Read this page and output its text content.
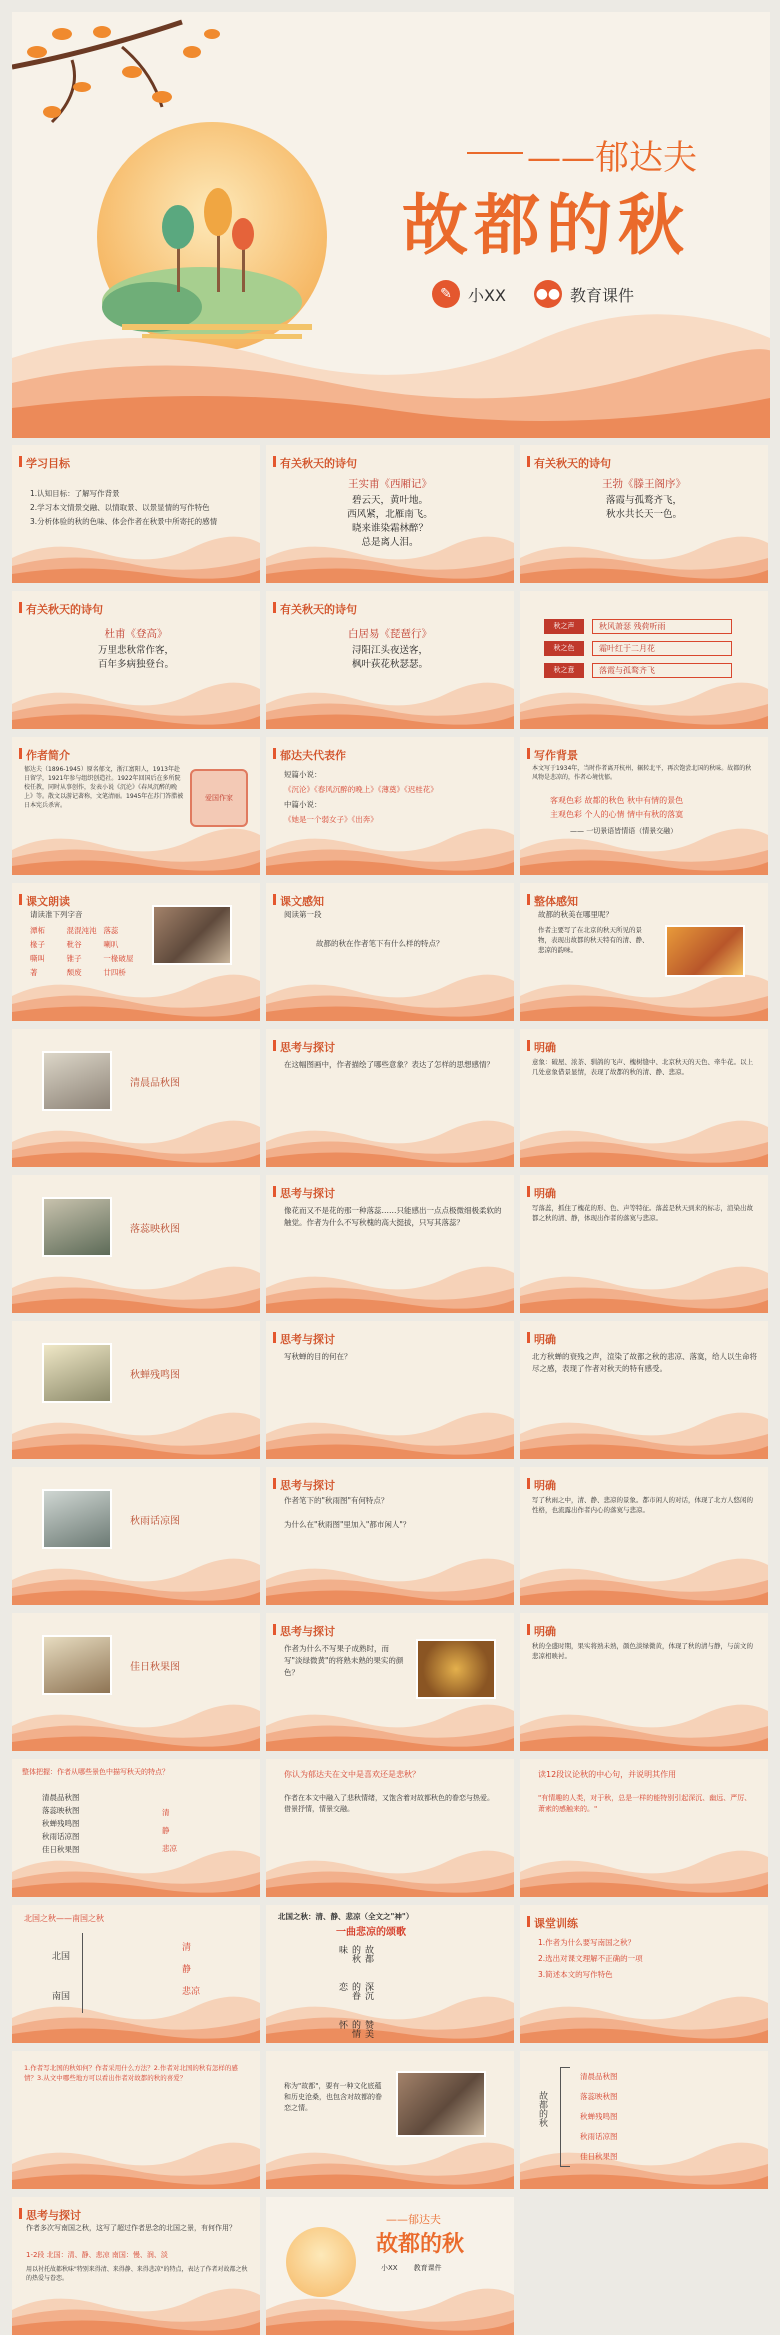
——郁达夫
故都的秋
✎	小XX ●● 教育课件
学习目标
1.认知目标：了解写作背景
2.学习本文情景交融、以情取景、以景显情的写作特色
3.分析体验的秋的色味、体会作者在秋景中所寄托的感情
有关秋天的诗句
王实甫《西厢记》
碧云天，黄叶地。
西风紧，北雁南飞。
晓来谁染霜林醉？
总是离人泪。
有关秋天的诗句
王勃《滕王阁序》
落霞与孤鹜齐飞，
秋水共长天一色。
有关秋天的诗句
杜甫《登高》
万里悲秋常作客，
百年多病独登台。
有关秋天的诗句
白居易《琵琶行》
浔阳江头夜送客，
枫叶荻花秋瑟瑟。
秋之声	秋风萧瑟 残荷听雨
秋之色	霜叶红于二月花
秋之意	落霞与孤鹜齐飞
作者简介
郁达夫（1896-1945）原名郁文，浙江富阳人，1913年赴日留学，1921年参与组织创造社。1922年回国后在多所院校任教，同时从事创作，发表小说《沉沦》《春风沉醉的晚上》等。散文以游记著称，文笔清丽。1945年在苏门答腊被日本宪兵杀害。
爱国作家
郁达夫代表作
短篇小说：
《沉沦》《春风沉醉的晚上》《薄奠》《迟桂花》
中篇小说：
《她是一个弱女子》《出奔》
写作背景
本文写于1934年，当时作者离开杭州，辗转北平，再次饱尝北国的秋味。故都的秋风物是悲凉的，作者心境忧郁。
客观色彩 故都的秋色 秋中有情的景色
主观色彩 个人的心情 情中有秋的落寞
—— 一切景语皆情语（情景交融）
课文朗读
请读准下列字音
潭柘	混混沌沌 落蕊
椽子	秕谷	喇叭
嘶叫	锥子	一椽破屋
著	颓废	廿四桥
课文感知
阅读第一段
故都的秋在作者笔下有什么样的特点？
整体感知
故都的秋美在哪里呢？
作者主要写了在北京的秋天所见的景物，表现出故都的秋天特有的清、静、悲凉的韵味。
清晨品秋图
思考与探讨
在这幅图画中，作者描绘了哪些意象？表达了怎样的思想感情？
明确
意象：破屋、浓茶、驯鸽的飞声、槐树缝中、北京秋天的天色、牵牛花。以上几处意象借景显情，表现了故都的秋的清、静、悲凉。
落蕊映秋图
思考与探讨
像花而又不是花的那一种落蕊……只能感出一点点极微细极柔软的触觉。作者为什么不写秋槐的高大挺拔，只写其落蕊？
明确
写落蕊，抓住了槐花的形、色、声等特征。落蕊是秋天到来的标志，渲染出故都之秋的清、静，体现出作者的落寞与悲凉。
秋蝉残鸣图
思考与探讨
写秋蝉的目的何在？
明确
北方秋蝉的衰残之声，渲染了故都之秋的悲凉、落寞，给人以生命将尽之感，表现了作者对秋天的特有感受。
秋雨话凉图
思考与探讨
作者笔下的"秋雨图"有何特点？
为什么在"秋雨图"里加入"都市闲人"？
明确
写了秋雨之中，清、静、悲凉的景象。都市闲人的对话，体现了北方人悠闲的性格，也流露出作者内心的落寞与悲凉。
佳日秋果图
思考与探讨
作者为什么不写果子成熟时，而写"淡绿微黄"的将熟未熟的果实的颜色？
明确
秋的全盛时期，果实将熟未熟，颜色淡绿微黄，体现了秋的清与静，与前文的悲凉相映衬。
整体把握：作者从哪些景色中描写秋天的特点？
清晨品秋图
落蕊映秋图
秋蝉残鸣图
秋雨话凉图
佳日秋果图
清
静
悲凉
你认为郁达夫在文中是喜欢还是悲秋？
作者在本文中融入了悲秋情绪，又饱含着对故都秋色的眷恋与热爱。借景抒情，情景交融。
读12段议论秋的中心句，并说明其作用
"有情趣的人类，对于秋，总是一样的能特别引起深沉、幽远、严厉、萧索的感触来的。"
北国之秋——南国之秋
北国
南国
清
静
悲凉
北国之秋：清、静、悲凉（全文之"神"）
一曲悲凉的颂歌
故都的秋味
深沉的眷恋
赞美的情怀
课堂训练
1.作者为什么要写南国之秋？
2.选出对课文理解不正确的一项
3.简述本文的写作特色
1.作者写北国的秋如何？作者采用什么方法？2.作者对北国的秋有怎样的感情？3.从文中哪些地方可以看出作者对故都的秋的喜爱？
称为"故都"，要有一种文化底蕴和历史沧桑，也包含对故都的眷恋之情。	故都的秋
清晨品秋图
落蕊映秋图
秋蝉残鸣图
秋雨话凉图
佳日秋果图
思考与探讨
作者多次写南国之秋，这写了超过作者思念的北国之景，有何作用？
1-2段 北国：清、静、悲凉 南国：慢、润、淡
用以衬托故都秋味"特别来得清、来得静、来得悲凉"的特点，表达了作者对故都之秋的热爱与眷恋。
——郁达夫
故都的秋
小XX 教育课件
